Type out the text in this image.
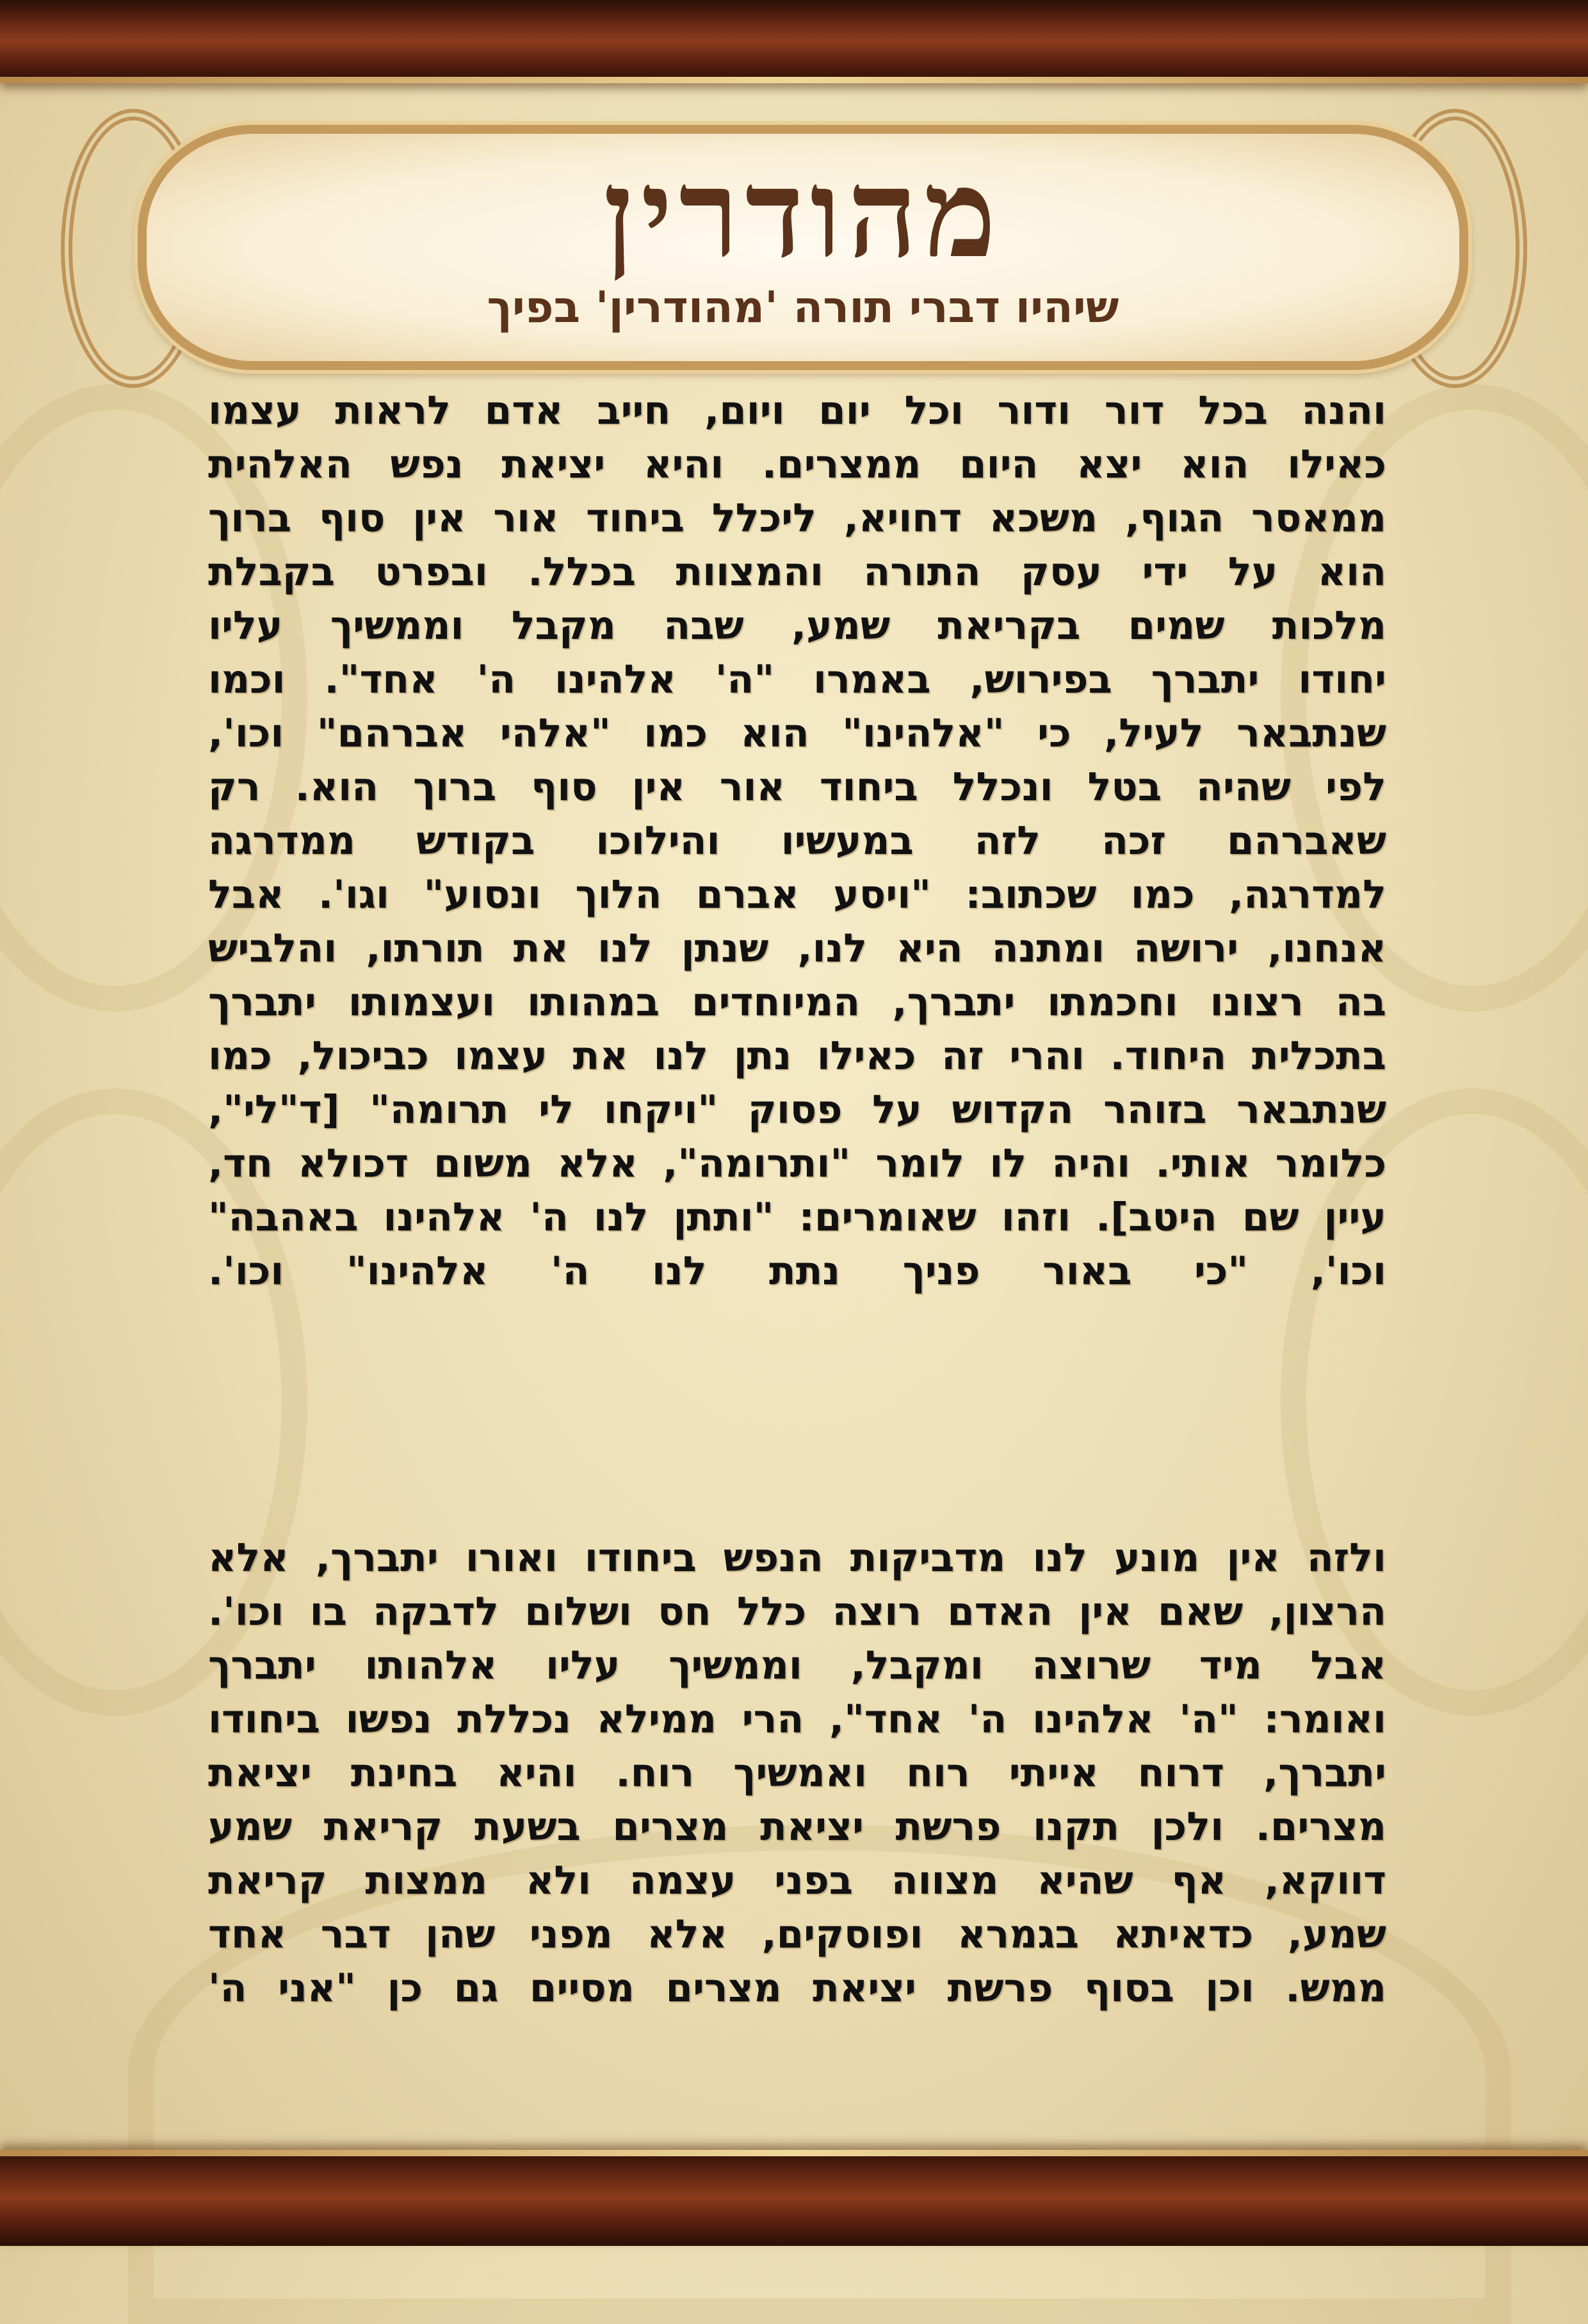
מהודרין
שיהיו דברי תורה 'מהודרין' בפיך
והנה בכל דור ודור וכל יום ויום, חייב אדם לראות עצמו
כאילו הוא יצא היום ממצרים. והיא יציאת נפש האלהית
ממאסר הגוף, משכא דחויא, ליכלל ביחוד אור אין סוף ברוך
הוא על ידי עסק התורה והמצוות בכלל. ובפרט בקבלת
מלכות שמים בקריאת שמע, שבה מקבל וממשיך עליו
יחודו יתברך בפירוש, באמרו "ה' אלהינו ה' אחד". וכמו
שנתבאר לעיל, כי "אלהינו" הוא כמו "אלהי אברהם" וכו',
לפי שהיה בטל ונכלל ביחוד אור אין סוף ברוך הוא. רק
שאברהם זכה לזה במעשיו והילוכו בקודש ממדרגה
למדרגה, כמו שכתוב: "ויסע אברם הלוך ונסוע" וגו'. אבל
אנחנו, ירושה ומתנה היא לנו, שנתן לנו את תורתו, והלביש
בה רצונו וחכמתו יתברך, המיוחדים במהותו ועצמותו יתברך
בתכלית היחוד. והרי זה כאילו נתן לנו את עצמו כביכול, כמו
שנתבאר בזוהר הקדוש על פסוק "ויקחו לי תרומה" [ד"לי",
כלומר אותי. והיה לו לומר "ותרומה", אלא משום דכולא חד,
עיין שם היטב]. וזהו שאומרים: "ותתן לנו ה' אלהינו באהבה"
וכו', "כי באור פניך נתת לנו ה' אלהינו" וכו'.
ולזה אין מונע לנו מדביקות הנפש ביחודו ואורו יתברך, אלא
הרצון, שאם אין האדם רוצה כלל חס ושלום לדבקה בו וכו'.
אבל מיד שרוצה ומקבל, וממשיך עליו אלהותו יתברך
ואומר: "ה' אלהינו ה' אחד", הרי ממילא נכללת נפשו ביחודו
יתברך, דרוח אייתי רוח ואמשיך רוח. והיא בחינת יציאת
מצרים. ולכן תקנו פרשת יציאת מצרים בשעת קריאת שמע
דווקא, אף שהיא מצווה בפני עצמה ולא ממצות קריאת
שמע, כדאיתא בגמרא ופוסקים, אלא מפני שהן דבר אחד
ממש. וכן בסוף פרשת יציאת מצרים מסיים גם כן "אני ה'
